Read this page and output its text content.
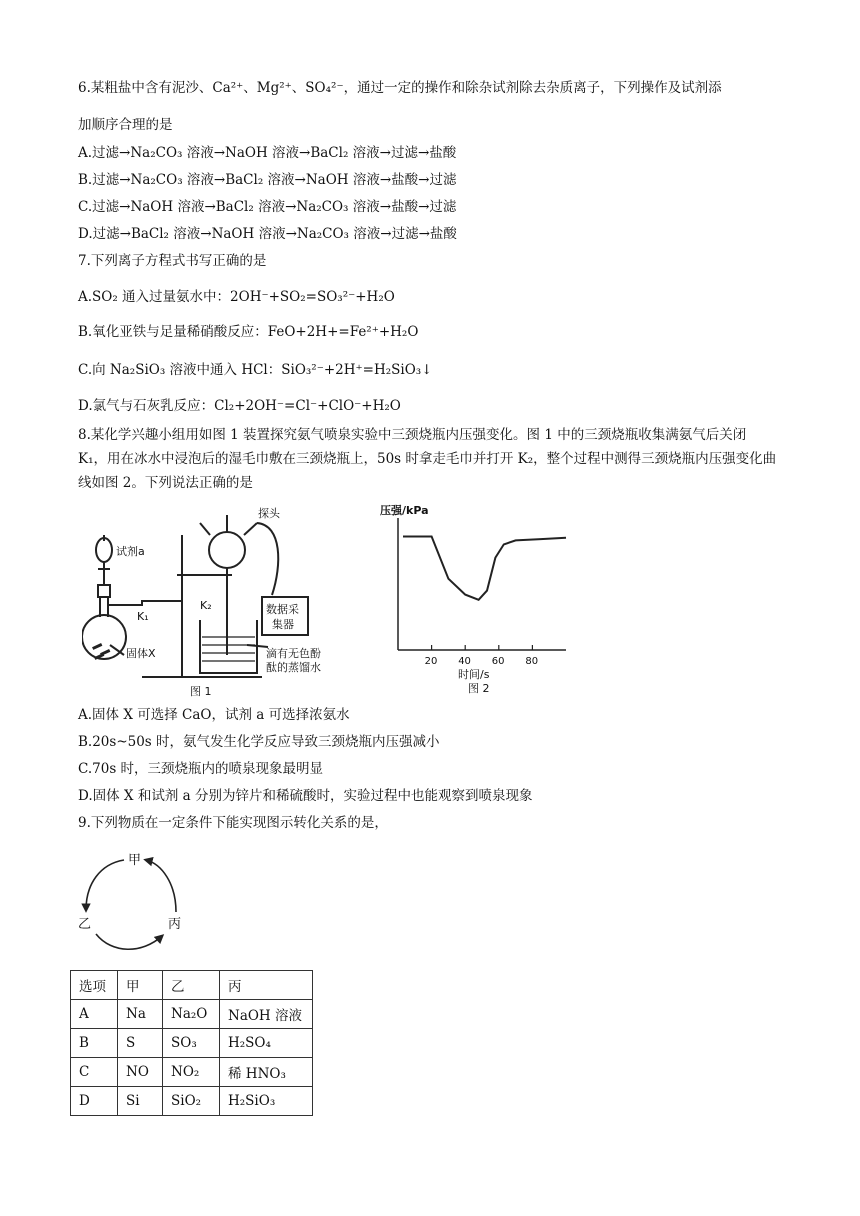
6.某粗盐中含有泥沙、Ca²⁺、Mg²⁺、SO₄²⁻，通过一定的操作和除杂试剂除去杂质离子，下列操作及试剂添
加顺序合理的是
A.过滤→Na₂CO₃ 溶液→NaOH 溶液→BaCl₂ 溶液→过滤→盐酸
B.过滤→Na₂CO₃ 溶液→BaCl₂ 溶液→NaOH 溶液→盐酸→过滤
C.过滤→NaOH 溶液→BaCl₂ 溶液→Na₂CO₃ 溶液→盐酸→过滤
D.过滤→BaCl₂ 溶液→NaOH 溶液→Na₂CO₃ 溶液→过滤→盐酸
7.下列离子方程式书写正确的是
A.SO₂ 通入过量氨水中：2OH⁻+SO₂=SO₃²⁻+H₂O
B.氧化亚铁与足量稀硝酸反应：FeO+2H+=Fe²⁺+H₂O
C.向 Na₂SiO₃ 溶液中通入 HCl：SiO₃²⁻+2H⁺=H₂SiO₃↓
D.氯气与石灰乳反应：Cl₂+2OH⁻=Cl⁻+ClO⁻+H₂O
8.某化学兴趣小组用如图 1 装置探究氨气喷泉实验中三颈烧瓶内压强变化。图 1 中的三颈烧瓶收集满氨气后关闭 K₁，用在冰水中浸泡后的湿毛巾敷在三颈烧瓶上，50s 时拿走毛巾并打开 K₂，整个过程中测得三颈烧瓶内压强变化曲线如图 2。下列说法正确的是
试剂a
K₁
K₂
探头
数据采
集器
固体X	滴有无色酚
酞的蒸馏水
图 1
压强/kPa
时间/s
图 2
20 40 60 80
A.固体 X 可选择 CaO，试剂 a 可选择浓氨水
B.20s~50s 时，氨气发生化学反应导致三颈烧瓶内压强减小
C.70s 时，三颈烧瓶内的喷泉现象最明显
D.固体 X 和试剂 a 分别为锌片和稀硫酸时，实验过程中也能观察到喷泉现象
9.下列物质在一定条件下能实现图示转化关系的是，
甲
乙	丙
选项	甲	乙	丙
A	Na	Na₂O	NaOH 溶液
B	S	SO₃	H₂SO₄
C	NO	NO₂	稀 HNO₃
D	Si	SiO₂	H₂SiO₃
